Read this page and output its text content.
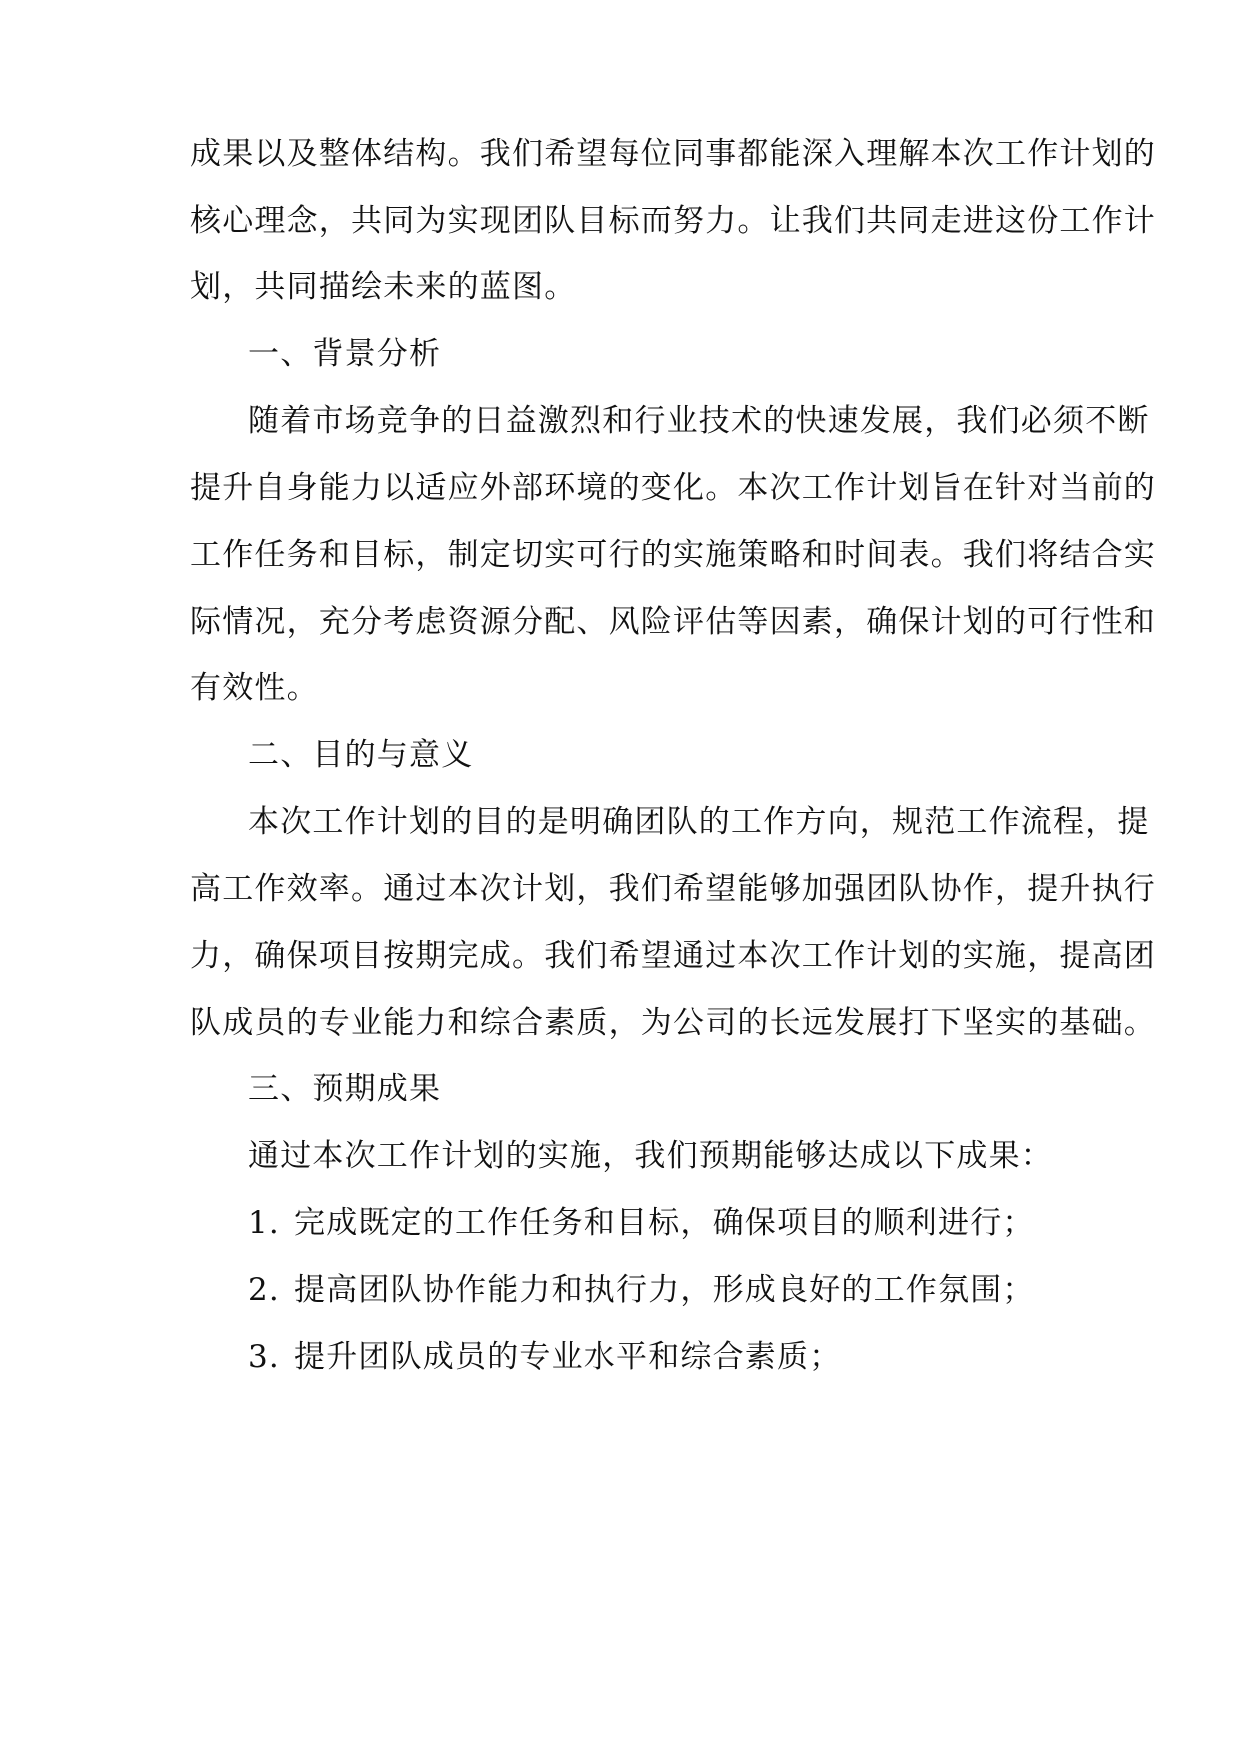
成果以及整体结构。我们希望每位同事都能深入理解本次工作计划的
核心理念，共同为实现团队目标而努力。让我们共同走进这份工作计
划，共同描绘未来的蓝图。
一、背景分析
随着市场竞争的日益激烈和行业技术的快速发展，我们必须不断
提升自身能力以适应外部环境的变化。本次工作计划旨在针对当前的
工作任务和目标，制定切实可行的实施策略和时间表。我们将结合实
际情况，充分考虑资源分配、风险评估等因素，确保计划的可行性和
有效性。
二、目的与意义
本次工作计划的目的是明确团队的工作方向，规范工作流程，提
高工作效率。通过本次计划，我们希望能够加强团队协作，提升执行
力，确保项目按期完成。我们希望通过本次工作计划的实施，提高团
队成员的专业能力和综合素质，为公司的长远发展打下坚实的基础。
三、预期成果
通过本次工作计划的实施，我们预期能够达成以下成果：
1. 完成既定的工作任务和目标，确保项目的顺利进行；
2. 提高团队协作能力和执行力，形成良好的工作氛围；
3. 提升团队成员的专业水平和综合素质；
